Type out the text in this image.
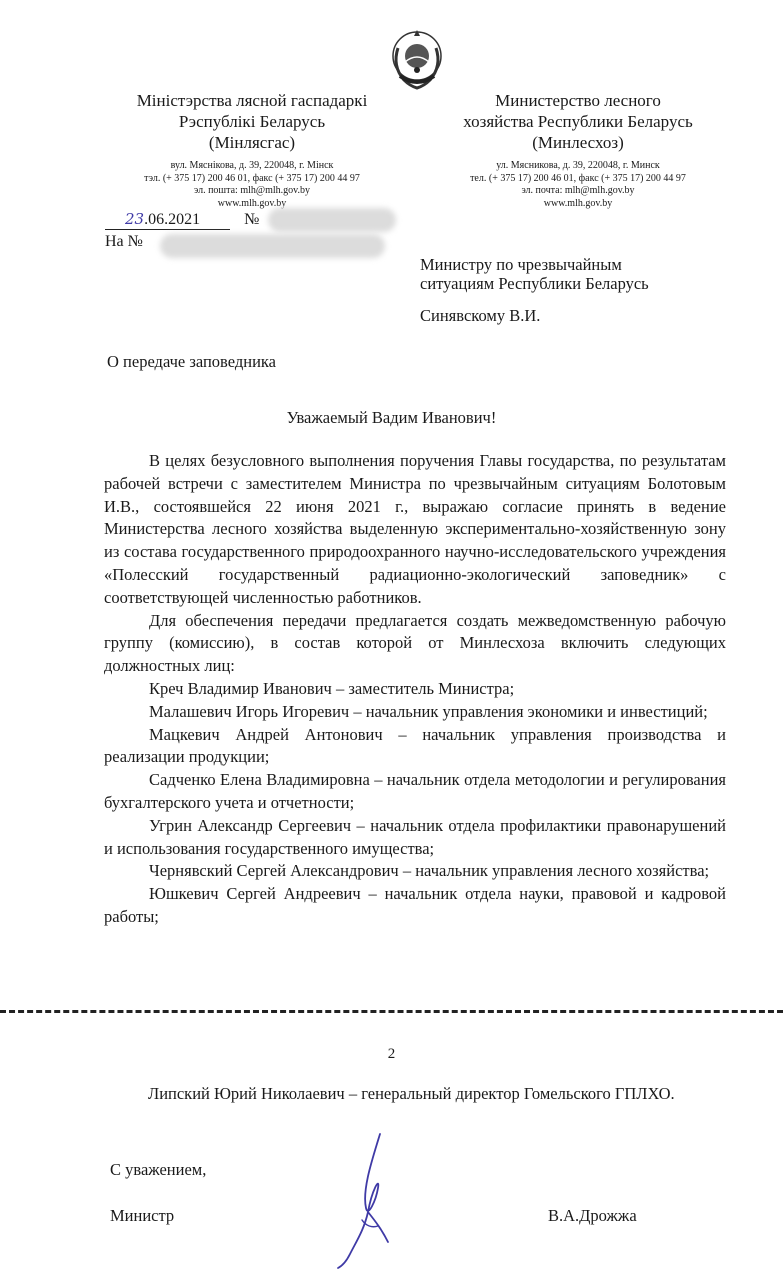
Міністэрства лясной гаспадаркі
Рэспублікі Беларусь
(Мінлясгас)
вул. Мяснікова, д. 39, 220048, г. Мінск
тэл. (+ 375 17) 200 46 01, факс (+ 375 17) 200 44 97
эл. пошта: mlh@mlh.gov.by
www.mlh.gov.by
Министерство лесного
хозяйства Республики Беларусь
(Минлесхоз)
ул. Мясникова, д. 39, 220048, г. Минск
тел. (+ 375 17) 200 46 01, факс (+ 375 17) 200 44 97
эл. почта: mlh@mlh.gov.by
www.mlh.gov.by
23.06.2021	№
На №
Министру по чрезвычайным
ситуациям Республики Беларусь
Синявскому В.И.
О передаче заповедника
Уважаемый Вадим Иванович!

В целях безусловного выполнения поручения Главы государства, по результатам рабочей встречи с заместителем Министра по чрезвычайным ситуациям Болотовым И.В., состоявшейся 22 июня 2021 г., выражаю согласие принять в ведение Министерства лесного хозяйства выделенную экспериментально-хозяйственную зону из состава государственного природоохранного научно-исследовательского учреждения «Полесский государственный радиационно-экологический заповедник» с соответствующей численностью работников.

Для обеспечения передачи предлагается создать межведомственную рабочую группу (комиссию), в состав которой от Минлесхоза включить следующих должностных лиц:

Креч Владимир Иванович – заместитель Министра;

Малашевич Игорь Игоревич – начальник управления экономики и инвестиций;

Мацкевич Андрей Антонович – начальник управления производства и реализации продукции;

Садченко Елена Владимировна – начальник отдела методологии и регулирования бухгалтерского учета и отчетности;

Угрин Александр Сергеевич – начальник отдела профилактики правонарушений и использования государственного имущества;

Чернявский Сергей Александрович – начальник управления лесного хозяйства;

Юшкевич Сергей Андреевич – начальник отдела науки, правовой и кадровой работы;

2

Липский Юрий Николаевич – генеральный директор Гомельского ГПЛХО.

С уважением,
Министр	В.А.Дрожжа
